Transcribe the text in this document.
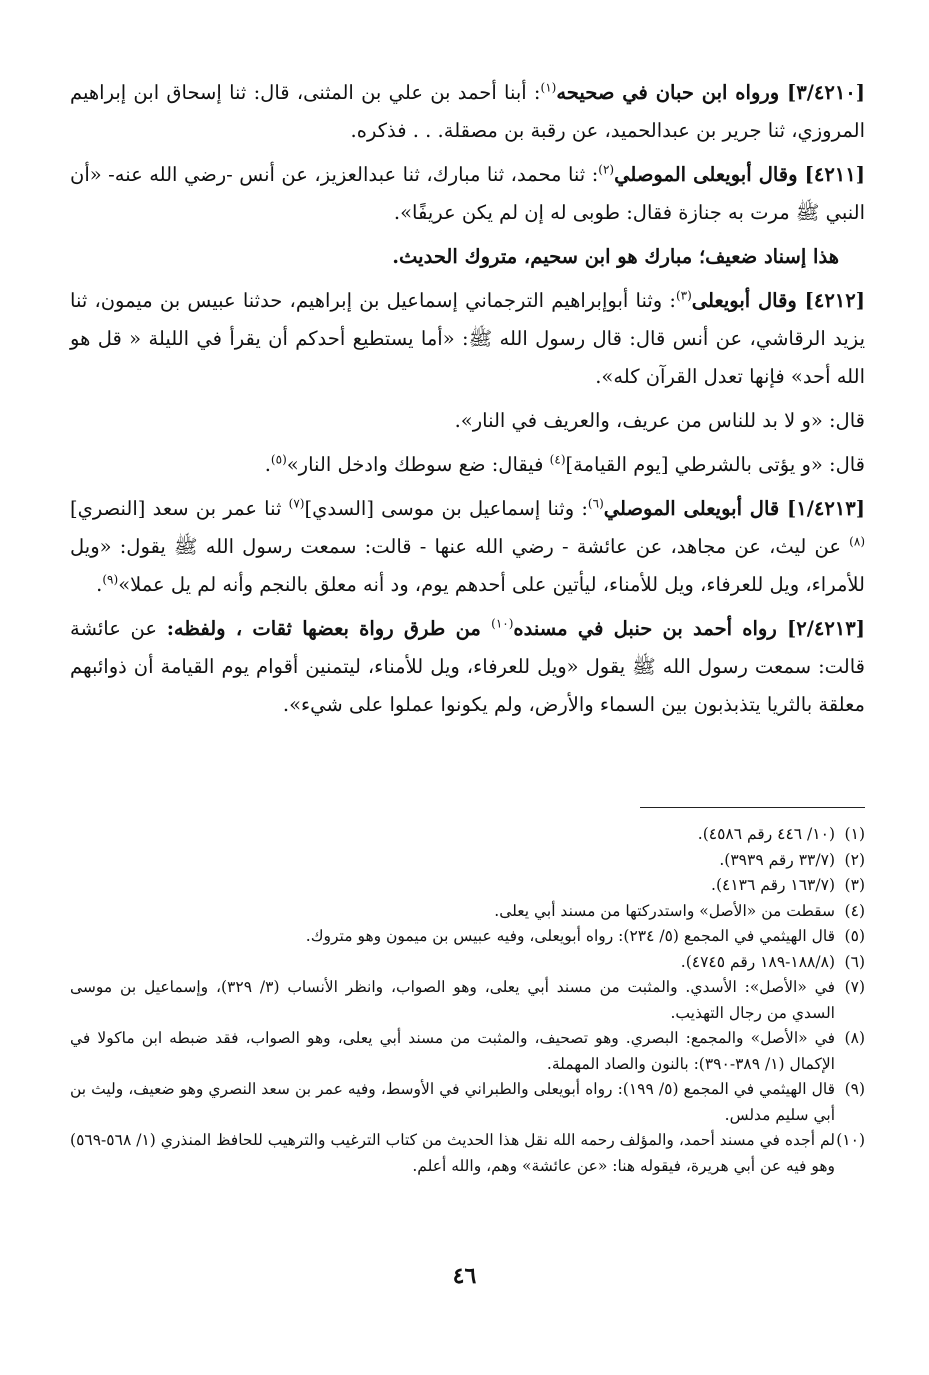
[٣/٤٢١٠] ورواه ابن حبان في صحيحه$^{(١)}$: أبنا أحمد بن علي بن المثنى، قال: ثنا إسحاق ابن إبراهيم المروزي، ثنا جرير بن عبدالحميد، عن رقبة بن مصقلة. . . فذكره.

[٤٢١١] وقال أبويعلى الموصلي$^{(٢)}$: ثنا محمد، ثنا مبارك، ثنا عبدالعزيز، عن أنس -رضي الله عنه- «أن النبي ﷺ مرت به جنازة فقال: طوبى له إن لم يكن عريفًا».

هذا إسناد ضعيف؛ مبارك هو ابن سحيم، متروك الحديث.

[٤٢١٢] وقال أبويعلى$^{(٣)}$: وثنا أبوإبراهيم الترجماني إسماعيل بن إبراهيم، حدثنا عبيس بن ميمون، ثنا يزيد الرقاشي، عن أنس قال: قال رسول الله ﷺ: «أما يستطيع أحدكم أن يقرأ في الليلة « قل هو الله أحد» فإنها تعدل القرآن كله».

قال: «و لا بد للناس من عريف، والعريف في النار».

قال: «و يؤتى بالشرطي [يوم القيامة]$^{(٤)}$ فيقال: ضع سوطك وادخل النار»$^{(٥)}$.

[١/٤٢١٣] قال أبويعلى الموصلي$^{(٦)}$: وثنا إسماعيل بن موسى [السدي]$^{(٧)}$ ثنا عمر بن سعد [النصري]$^{(٨)}$ عن ليث، عن مجاهد، عن عائشة - رضي الله عنها - قالت: سمعت رسول الله ﷺ يقول: «ويل للأمراء، ويل للعرفاء، ويل للأمناء، ليأتين على أحدهم يوم، ود أنه معلق بالنجم وأنه لم يل عملا»$^{(٩)}$.

[٢/٤٢١٣] رواه أحمد بن حنبل في مسنده$^{(١٠)}$ من طرق رواة بعضها ثقات ، ولفظه: عن عائشة قالت: سمعت رسول الله ﷺ يقول «ويل للعرفاء، ويل للأمناء، ليتمنين أقوام يوم القيامة أن ذوائبهم معلقة بالثريا يتذبذبون بين السماء والأرض، ولم يكونوا عملوا على شيء».

(١)(١٠/ ٤٤٦ رقم ٤٥٨٦).

(٢)(٣٣/٧ رقم ٣٩٣٩).

(٣)(١٦٣/٧ رقم ٤١٣٦).

(٤)سقطت من «الأصل» واستدركتها من مسند أبي يعلى.

(٥)قال الهيثمي في المجمع (٥/ ٢٣٤): رواه أبويعلى، وفيه عبيس بن ميمون وهو متروك.

(٦)(١٨٨/٨-١٨٩ رقم ٤٧٤٥).

(٧)في «الأصل»: الأسدي. والمثبت من مسند أبي يعلى، وهو الصواب، وانظر الأنساب (٣/ ٣٢٩)، وإسماعيل بن موسى السدي من رجال التهذيب.

(٨)في «الأصل» والمجمع: البصري. وهو تصحيف، والمثبت من مسند أبي يعلى، وهو الصواب، فقد ضبطه ابن ماكولا في الإكمال (١/ ٣٨٩-٣٩٠): بالنون والصاد المهملة.

(٩)قال الهيثمي في المجمع (٥/ ١٩٩): رواه أبويعلى والطبراني في الأوسط، وفيه عمر بن سعد النصري وهو ضعيف، وليث بن أبي سليم مدلس.

(١٠)لم أجده في مسند أحمد، والمؤلف رحمه الله نقل هذا الحديث من كتاب الترغيب والترهيب للحافظ المنذري (١/ ٥٦٨-٥٦٩) وهو فيه عن أبي هريرة، فيقوله هنا: «عن عائشة» وهم، والله أعلم.

٤٦
